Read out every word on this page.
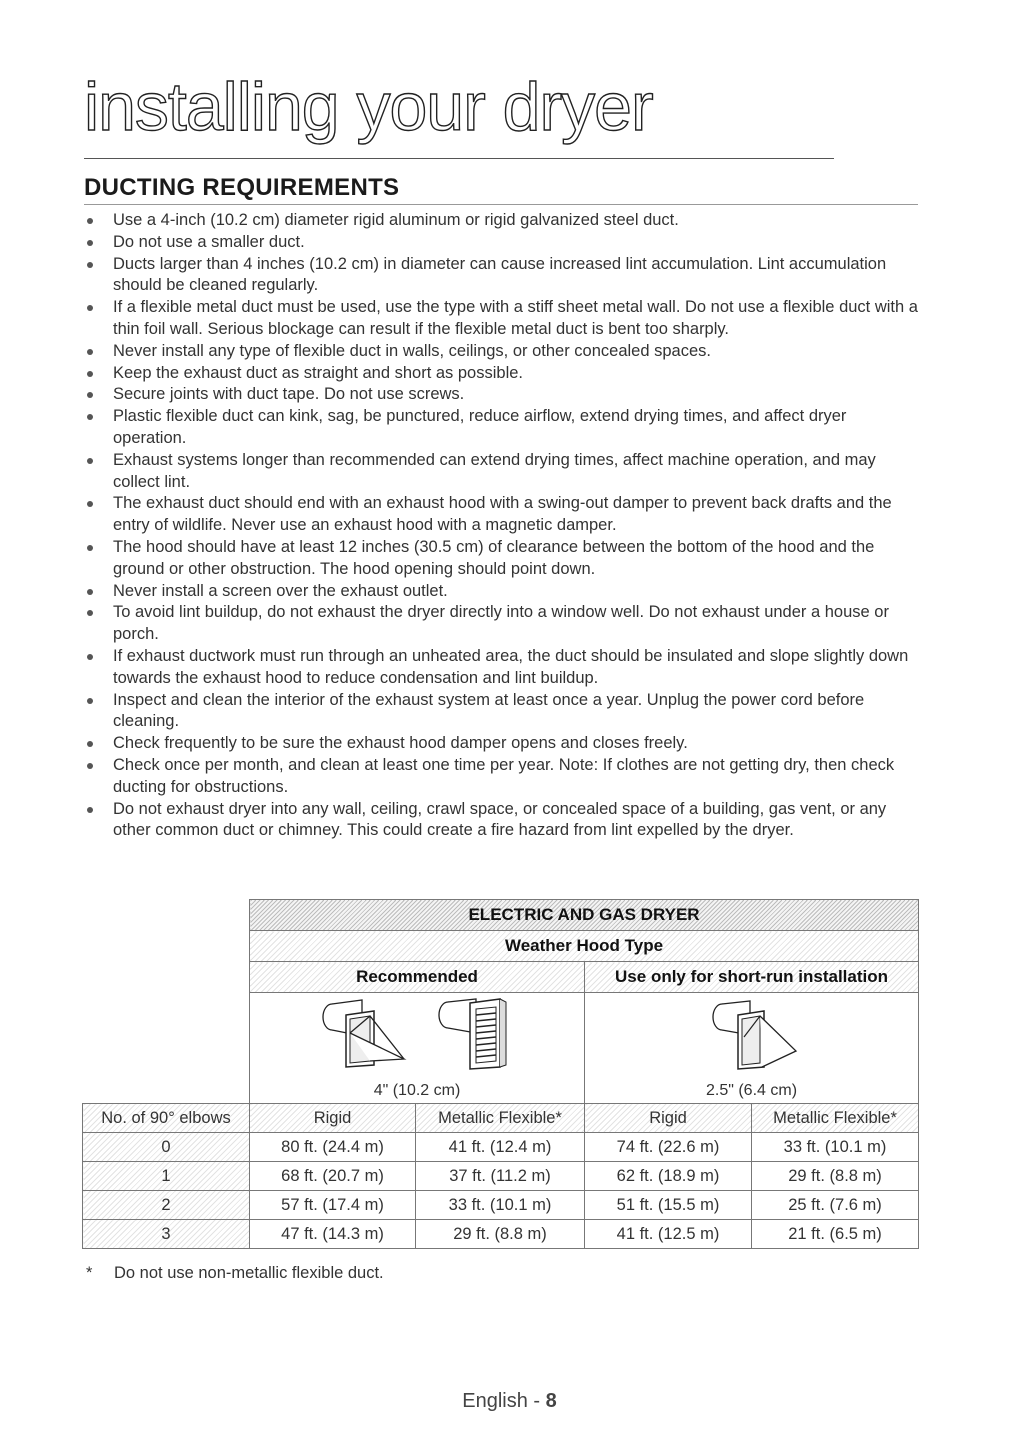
installing your dryer
DUCTING REQUIREMENTS
Use a 4-inch (10.2 cm) diameter rigid aluminum or rigid galvanized steel duct.
Do not use a smaller duct.
Ducts larger than 4 inches (10.2 cm) in diameter can cause increased lint accumulation. Lint accumulation should be cleaned regularly.
If a flexible metal duct must be used, use the type with a stiff sheet metal wall. Do not use a flexible duct with a thin foil wall. Serious blockage can result if the flexible metal duct is bent too sharply.
Never install any type of flexible duct in walls, ceilings, or other concealed spaces.
Keep the exhaust duct as straight and short as possible.
Secure joints with duct tape. Do not use screws.
Plastic flexible duct can kink, sag, be punctured, reduce airflow, extend drying times, and affect dryer operation.
Exhaust systems longer than recommended can extend drying times, affect machine operation, and may collect lint.
The exhaust duct should end with an exhaust hood with a swing-out damper to prevent back drafts and the entry of wildlife. Never use an exhaust hood with a magnetic damper.
The hood should have at least 12 inches (30.5 cm) of clearance between the bottom of the hood and the ground or other obstruction. The hood opening should point down.
Never install a screen over the exhaust outlet.
To avoid lint buildup, do not exhaust the dryer directly into a window well. Do not exhaust under a house or porch.
If exhaust ductwork must run through an unheated area, the duct should be insulated and slope slightly down towards the exhaust hood to reduce condensation and lint buildup.
Inspect and clean the interior of the exhaust system at least once a year. Unplug the power cord before cleaning.
Check frequently to be sure the exhaust hood damper opens and closes freely.
Check once per month, and clean at least one time per year. Note: If clothes are not getting dry, then check ducting for obstructions.
Do not exhaust dryer into any wall, ceiling, crawl space, or concealed space of a building, gas vent, or any other common duct or chimney. This could create a fire hazard from lint expelled by the dryer.
	ELECTRIC AND GAS DRYER			
	Weather Hood Type			
	Recommended		Use only for short-run installation	

	4" (10.2 cm)		2.5" (6.4 cm)	

No. of 90° elbows	Rigid	Metallic Flexible*	Rigid	Metallic Flexible*
0	80 ft. (24.4 m)	41 ft. (12.4 m)	74 ft. (22.6 m)	33 ft. (10.1 m)
1	68 ft. (20.7 m)	37 ft. (11.2 m)	62 ft. (18.9 m)	29 ft. (8.8 m)
2	57 ft. (17.4 m)	33 ft. (10.1 m)	51 ft. (15.5 m)	25 ft. (7.6 m)
3	47 ft. (14.3 m)	29 ft. (8.8 m)	41 ft. (12.5 m)	21 ft. (6.5 m)
* Do not use non-metallic flexible duct.
English - 8
